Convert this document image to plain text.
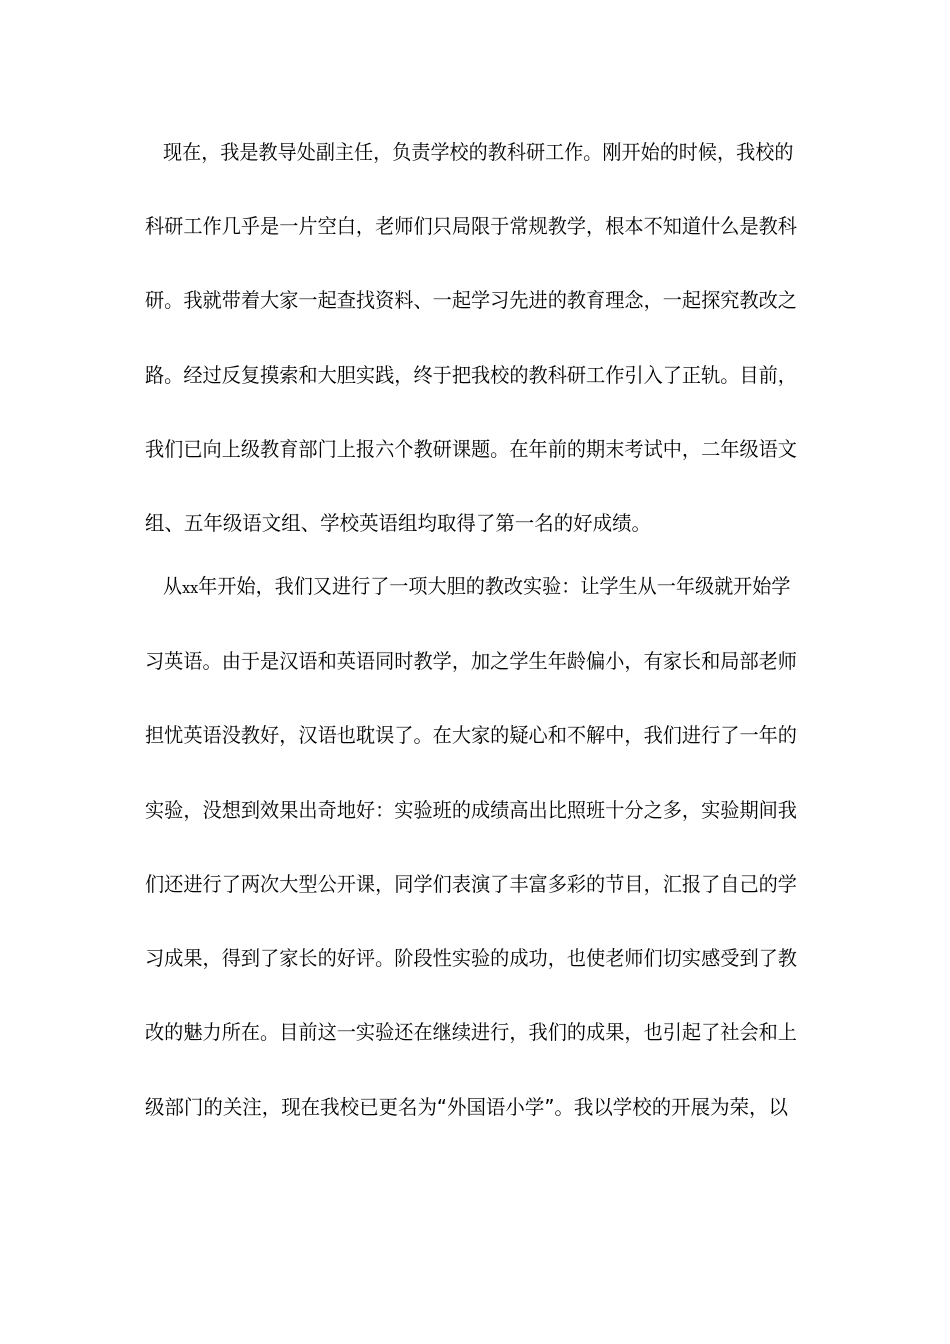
现在，我是教导处副主任，负责学校的教科研工作。刚开始的时候，我校的
科研工作几乎是一片空白，老师们只局限于常规教学，根本不知道什么是教科
研。我就带着大家一起查找资料、一起学习先进的教育理念，一起探究教改之
路。经过反复摸索和大胆实践，终于把我校的教科研工作引入了正轨。目前，
我们已向上级教育部门上报六个教研课题。在年前的期末考试中，二年级语文
组、五年级语文组、学校英语组均取得了第一名的好成绩。
从xx年开始，我们又进行了一项大胆的教改实验：让学生从一年级就开始学
习英语。由于是汉语和英语同时教学，加之学生年龄偏小，有家长和局部老师
担忧英语没教好，汉语也耽误了。在大家的疑心和不解中，我们进行了一年的
实验，没想到效果出奇地好：实验班的成绩高出比照班十分之多，实验期间我
们还进行了两次大型公开课，同学们表演了丰富多彩的节目，汇报了自己的学
习成果，得到了家长的好评。阶段性实验的成功，也使老师们切实感受到了教
改的魅力所在。目前这一实验还在继续进行，我们的成果，也引起了社会和上
级部门的关注，现在我校已更名为“外国语小学”。我以学校的开展为荣，以
